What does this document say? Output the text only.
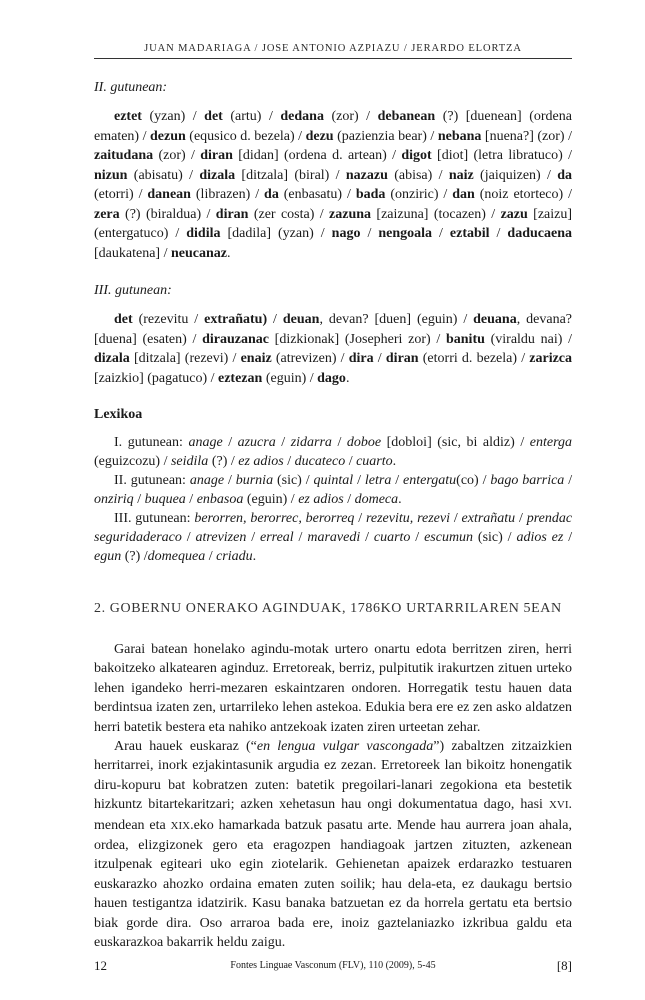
JUAN MADARIAGA / JOSE ANTONIO AZPIAZU / JERARDO ELORTZA

II. gutunean:

eztet (yzan) / det (artu) / dedana (zor) / debanean (?) [duenean] (ordena ematen) / dezun (equsico d. bezela) / dezu (pazienzia bear) / nebana [nuena?] (zor) / zaitudana (zor) / diran [didan] (ordena d. artean) / digot [diot] (letra libratuco) / nizun (abisatu) / dizala [ditzala] (biral) / nazazu (abisa) / naiz (jaiquizen) / da (etorri) / danean (librazen) / da (enbasatu) / bada (onziric) / dan (noiz etorteco) / zera (?) (biraldua) / diran (zer costa) / zazuna [zaizuna] (tocazen) / zazu [zaizu] (entergatuco) / didila [dadila] (yzan) / nago / nengoala / eztabil / daducaena [daukatena] / neucanaz.

III. gutunean:

det (rezevitu / extrañatu) / deuan, devan? [duen] (eguin) / deuana, devana? [duena] (esaten) / dirauzanac [dizkionak] (Josepheri zor) / banitu (viraldu nai) / dizala [ditzala] (rezevi) / enaiz (atrevizen) / dira / diran (etorri d. bezela) / zarizca [zaizkio] (pagatuco) / eztezan (eguin) / dago.

Lexikoa

I. gutunean: anage / azucra / zidarra / doboe [dobloi] (sic, bi aldiz) / entergа (eguizcozu) / seidila (?) / ez adios / ducateco / cuarto.

II. gutunean: anage / burnia (sic) / quintal / letra / entergatu(co) / bago barrica / onziriq / buquea / enbasoa (eguin) / ez adios / domeca.

III. gutunean: berorren, berorrec, berorreq / rezevitu, rezevi / extrañatu / prendac seguridaderaco / atrevizen / erreal / maravedi / cuarto / escumun (sic) / adios ez / egun (?) /domequea / criadu.

2. GOBERNU ONERAKO AGINDUAK, 1786KO URTARRILAREN 5EAN

Garai batean honelako agindu-motak urtero onartu edota berritzen ziren, herri bakoitzeko alkatearen aginduz. Erretoreak, berriz, pulpitutik irakurtzen zituen urteko lehen igandeko herri-mezaren eskaintzaren ondoren. Horregatik testu hauen data berdintsua izaten zen, urtarrileko lehen astekoa. Edukia bera ere ez zen asko aldatzen herri batetik bestera eta nahiko antzekoak izaten ziren urteetan zehar.

Arau hauek euskaraz (“en lengua vulgar vascongada”) zabaltzen zitzaizkien herritarrei, inork ezjakintasunik argudia ez zezan. Erretoreek lan bikoitz honengatik diru-kopuru bat kobratzen zuten: batetik pregoilari-lanari zegokiona eta bestetik hizkuntz bitartekaritzari; azken xehetasun hau ongi dokumentatua dago, hasi XVI. mendean eta XIX.eko hamarkada batzuk pasatu arte. Mende hau aurrera joan ahala, ordea, elizgizonek gero eta eragozpen handiagoak jartzen zituzten, azkenean itzulpenak egiteari uko egin ziotelarik. Gehienetan apaizek erdarazko testuaren euskarazko ahozko ordaina ematen zuten soilik; hau dela-eta, ez daukagu bertsio hauen testigantza idatzirik. Kasu banaka batzuetan ez da horrela gertatu eta bertsio biak gorde dira. Oso arraroa bada ere, inoiz gaztelaniazko izkribua galdu eta euskarazkoa bakarrik heldu zaigu.

12	Fontes Linguae Vasconum (FLV), 110 (2009), 5-45	[8]
